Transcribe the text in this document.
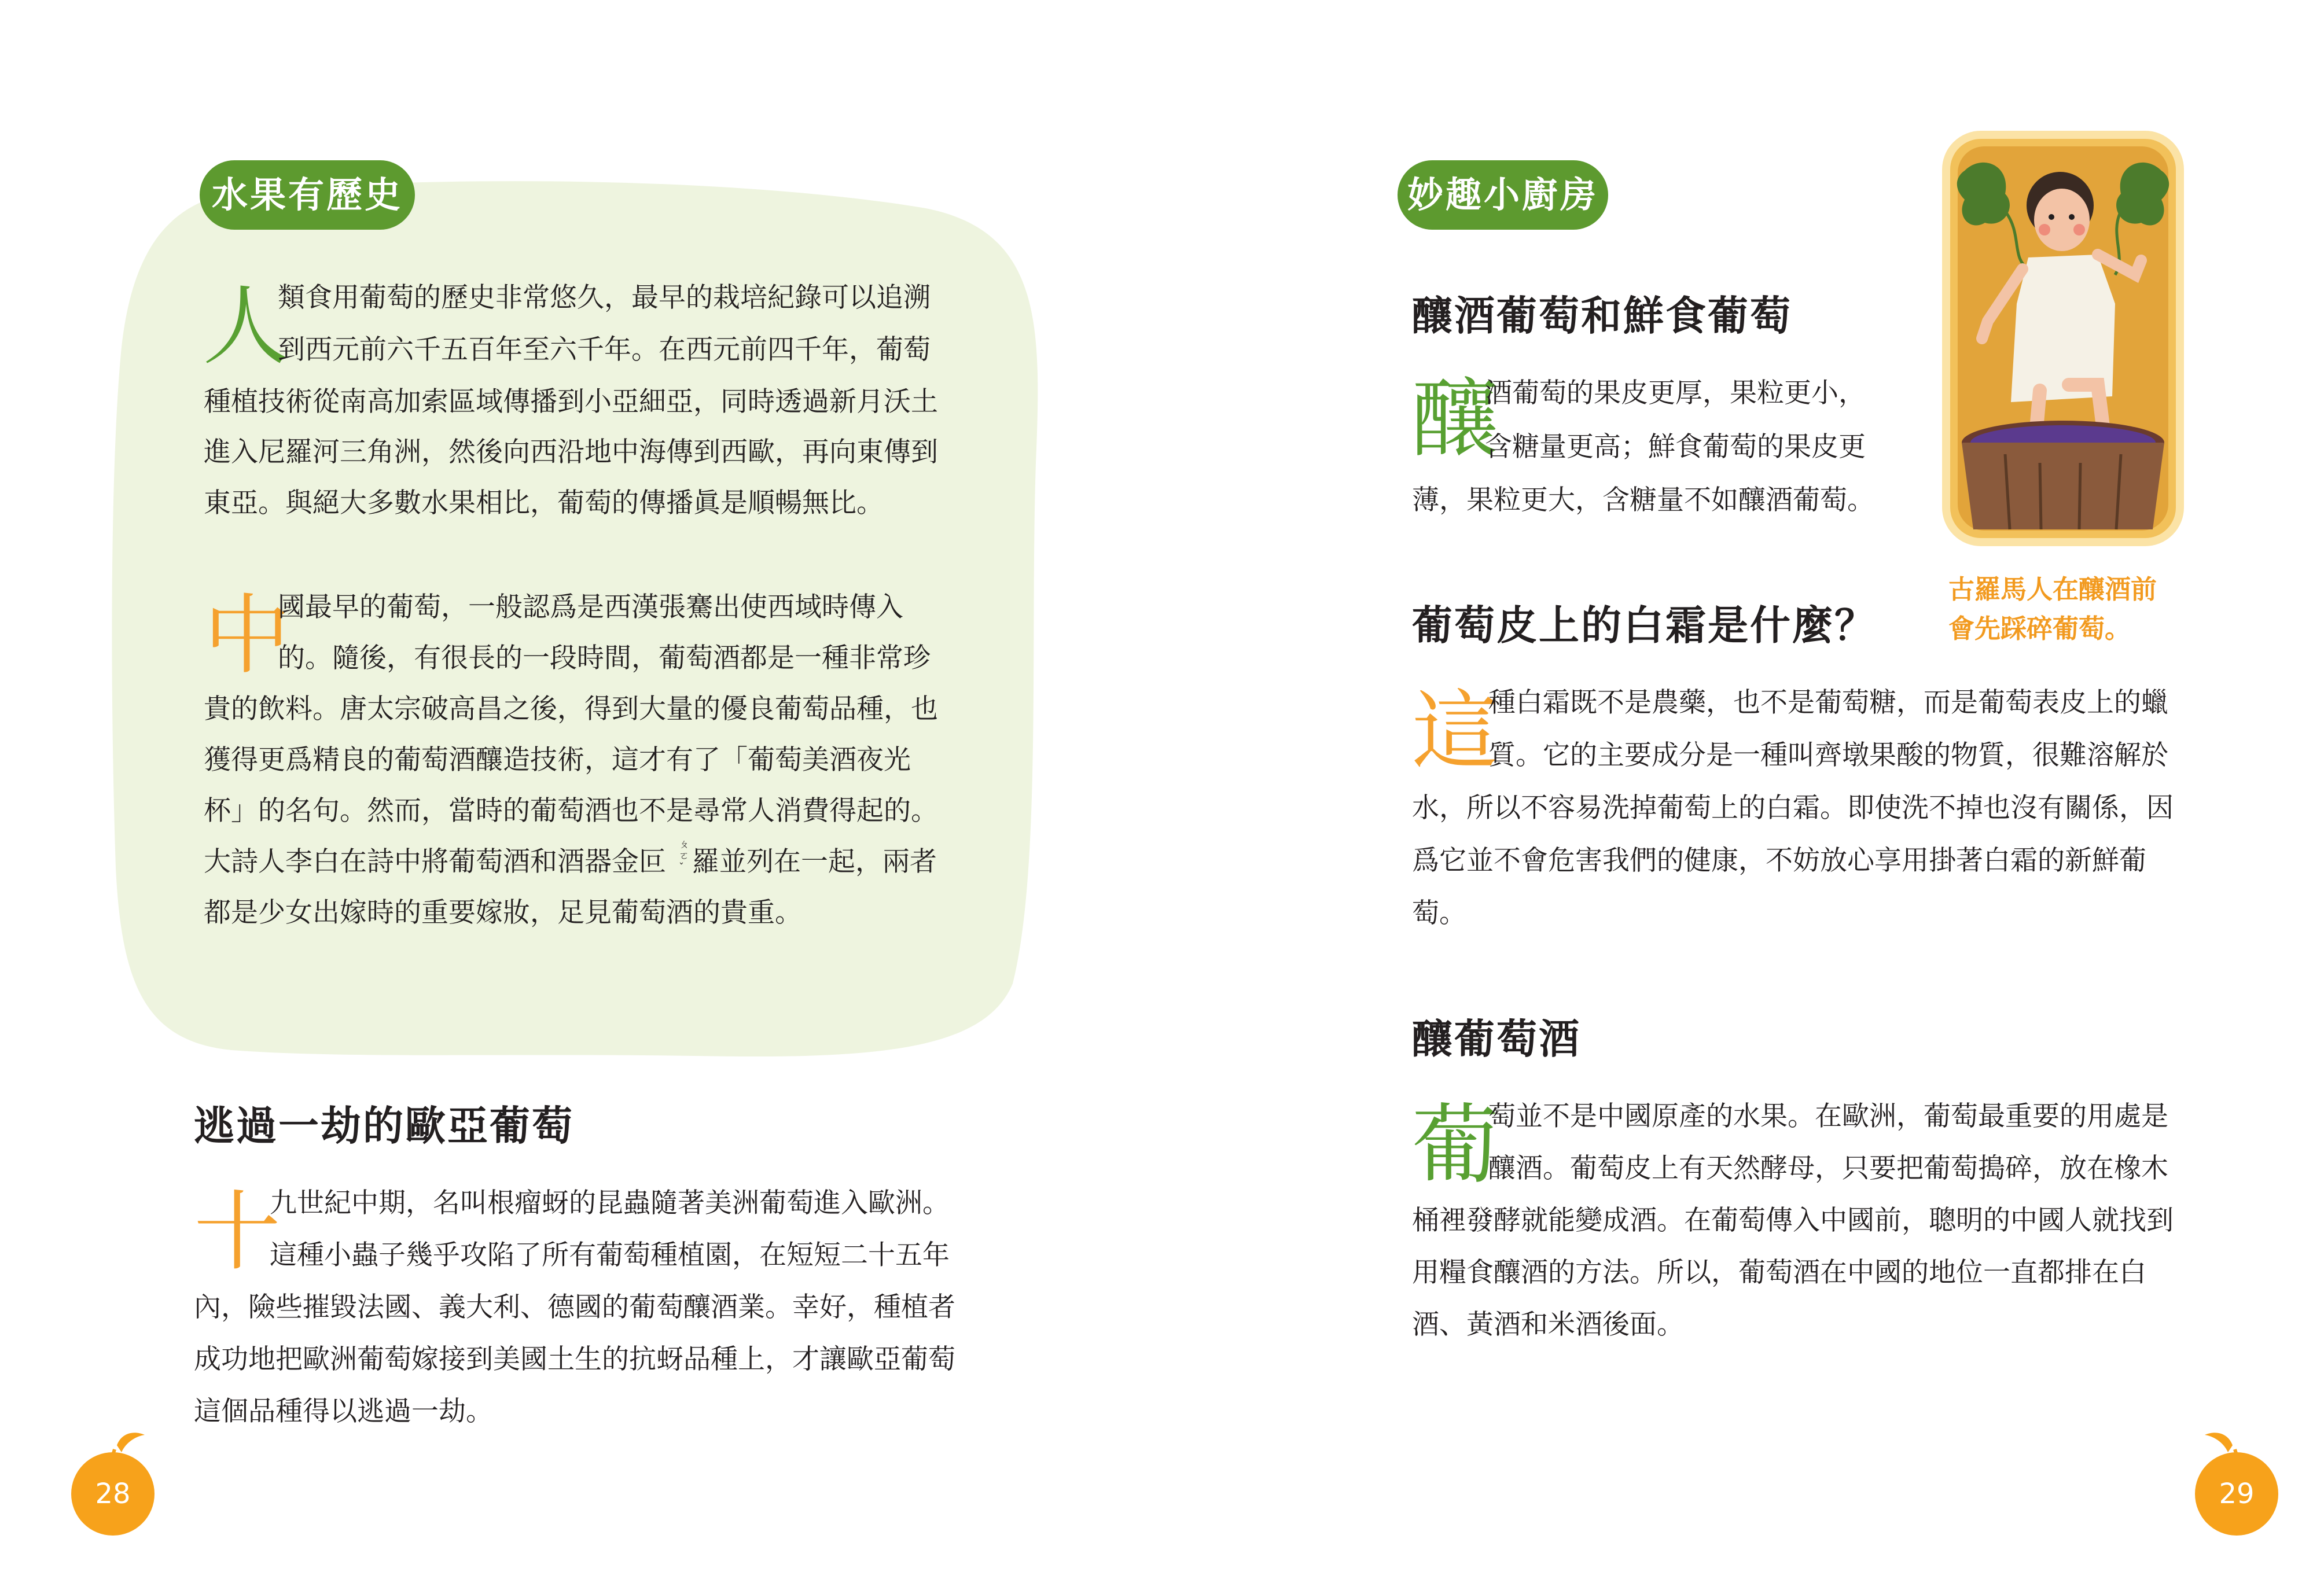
水果有歷史
人
類食用葡萄的歷史非常悠久，最早的栽培紀錄可以追溯
到西元前六千五百年至六千年。在西元前四千年，葡萄
種植技術從南高加索區域傳播到小亞細亞，同時透過新月沃土
進入尼羅河三角洲，然後向西沿地中海傳到西歐，再向東傳到
東亞。與絕大多數水果相比，葡萄的傳播眞是順暢無比。
中
國最早的葡萄，一般認爲是西漢張騫出使西域時傳入
的。隨後，有很長的一段時間，葡萄酒都是一種非常珍
貴的飲料。唐太宗破高昌之後，得到大量的優良葡萄品種，也
獲得更爲精良的葡萄酒釀造技術，這才有了「葡萄美酒夜光
杯」的名句。然而，當時的葡萄酒也不是尋常人消費得起的。
大詩人李白在詩中將葡萄酒和酒器金叵
ㄆㄛˇ 羅並列在一起，兩者
都是少女出嫁時的重要嫁妝，足見葡萄酒的貴重。
逃過一劫的歐亞葡萄
十
九世紀中期，名叫根瘤蚜的昆蟲隨著美洲葡萄進入歐洲。
這種小蟲子幾乎攻陷了所有葡萄種植園，在短短二十五年
內，險些摧毀法國、義大利、德國的葡萄釀酒業。幸好，種植者
成功地把歐洲葡萄嫁接到美國土生的抗蚜品種上，才讓歐亞葡萄
這個品種得以逃過一劫。
28
妙趣小廚房
釀酒葡萄和鮮食葡萄
釀
酒葡萄的果皮更厚，果粒更小，
含糖量更高；鮮食葡萄的果皮更
薄，果粒更大，含糖量不如釀酒葡萄。
葡萄皮上的白霜是什麼？
這
種白霜既不是農藥，也不是葡萄糖，而是葡萄表皮上的蠟
質。它的主要成分是一種叫齊墩果酸的物質，很難溶解於
水，所以不容易洗掉葡萄上的白霜。即使洗不掉也沒有關係，因
爲它並不會危害我們的健康，不妨放心享用掛著白霜的新鮮葡
萄。
釀葡萄酒
葡
萄並不是中國原產的水果。在歐洲，葡萄最重要的用處是
釀酒。葡萄皮上有天然酵母，只要把葡萄搗碎，放在橡木
桶裡發酵就能變成酒。在葡萄傳入中國前，聰明的中國人就找到
用糧食釀酒的方法。所以，葡萄酒在中國的地位一直都排在白
酒、黃酒和米酒後面。
古羅馬人在釀酒前
會先踩碎葡萄。
29
